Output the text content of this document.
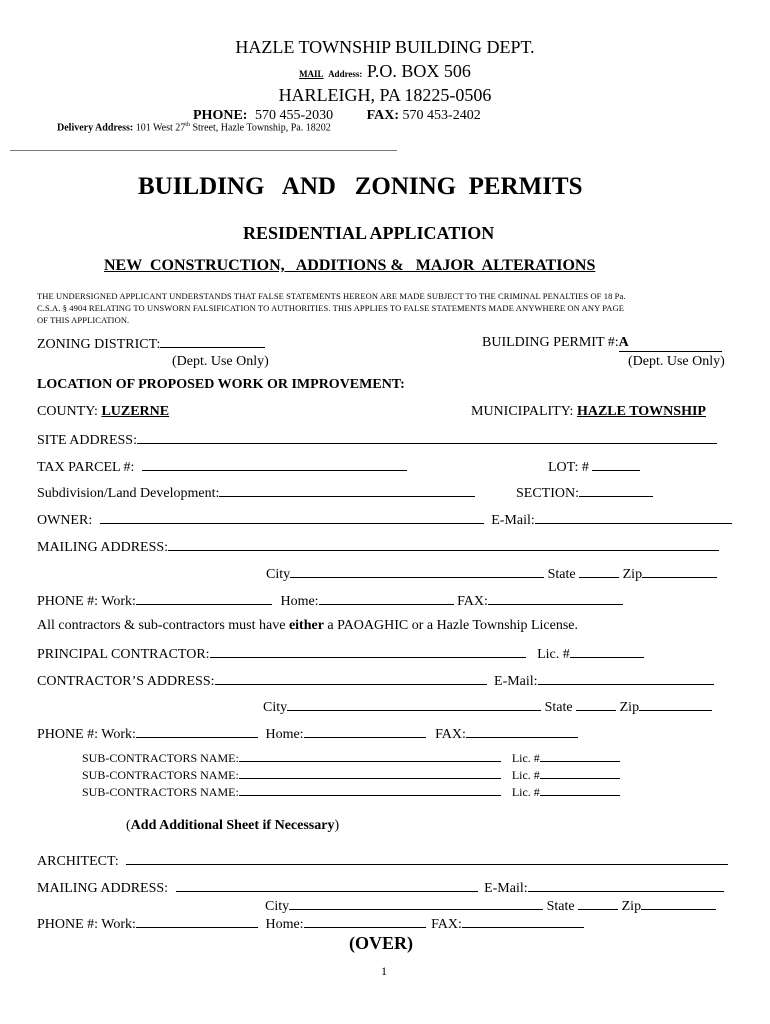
HAZLE TOWNSHIP BUILDING DEPT.
MAIL Address: P.O. BOX 506
HARLEIGH, PA 18225-0506
PHONE: 570 455-2030 FAX: 570 453-2402
Delivery Address: 101 West 27th Street, Hazle Township, Pa. 18202
BUILDING   AND   ZONING  PERMITS
RESIDENTIAL APPLICATION
NEW  CONSTRUCTION,   ADDITIONS &   MAJOR  ALTERATIONS
THE UNDERSIGNED APPLICANT UNDERSTANDS THAT FALSE STATEMENTS HEREON ARE MADE SUBJECT TO THE CRIMINAL PENALTIES OF 18 Pa.
C.S.A. § 4904 RELATING TO UNSWORN FALSIFICATION TO AUTHORITIES. THIS APPLIES TO FALSE STATEMENTS MADE ANYWHERE ON ANY PAGE
OF THIS APPLICATION.
ZONING DISTRICT:
(Dept. Use Only)
BUILDING PERMIT #:A
(Dept. Use Only)
LOCATION OF PROPOSED WORK OR IMPROVEMENT:
COUNTY: LUZERNE	MUNICIPALITY: HAZLE TOWNSHIP
SITE ADDRESS:
TAX PARCEL #:	LOT: #
Subdivision/Land Development:	SECTION:
OWNER:	E-Mail:
MAILING ADDRESS:
City	State	Zip
PHONE #: Work:	Home:	FAX:
All contractors & sub-contractors must have either a PAOAGHIC or a Hazle Township License.
PRINCIPAL CONTRACTOR:	Lic. #
CONTRACTOR’S ADDRESS:	E-Mail:
City	State	Zip
PHONE #: Work:	Home:	FAX:
SUB-CONTRACTORS NAME:	Lic. #
SUB-CONTRACTORS NAME:	Lic. #
SUB-CONTRACTORS NAME:	Lic. #
(Add Additional Sheet if Necessary)
ARCHITECT:
MAILING ADDRESS:	E-Mail:
City	State	Zip
PHONE #: Work:	Home:	FAX:
(OVER)
1
